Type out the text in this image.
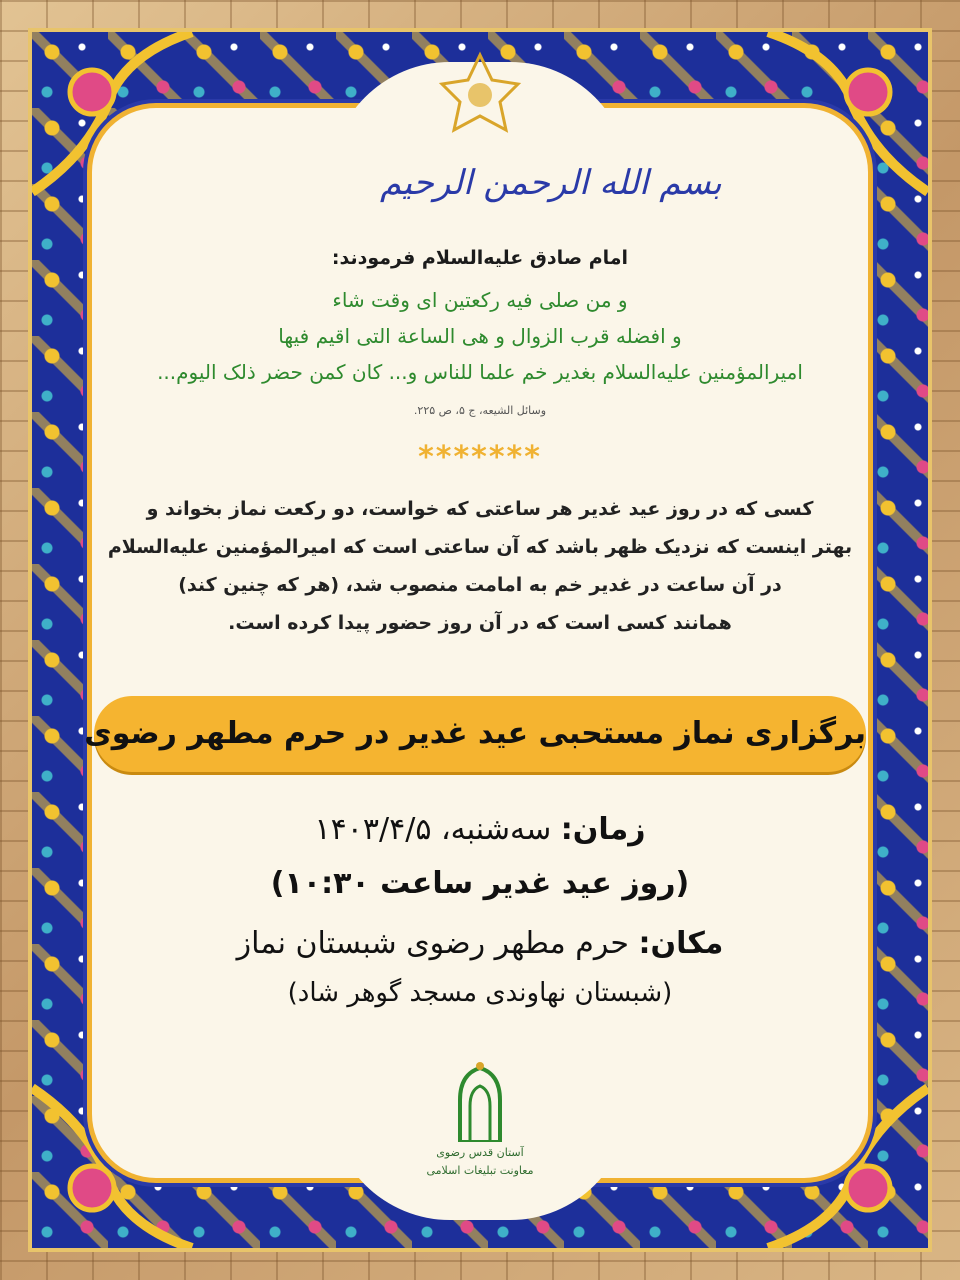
بسم الله الرحمن الرحیم
امام صادق علیه‌السلام فرمودند:
و من صلی فیه رکعتین ای وقت شاء
و افضله قرب الزوال و هی الساعة التی اقیم فیها
امیرالمؤمنین علیه‌السلام بغدیر خم علما للناس و... کان کمن حضر ذلک الیوم...
وسائل الشیعه، ج ۵، ص ۲۲۵.
*******
کسی که در روز عید غدیر هر ساعتی که خواست، دو رکعت نماز بخواند و
بهتر اینست که نزدیک ظهر باشد که آن ساعتی است که امیرالمؤمنین علیه‌السلام
در آن ساعت در غدیر خم به امامت منصوب شد، (هر که چنین کند)
همانند کسی است که در آن روز حضور پیدا کرده است.
برگزاری نماز مستحبی عید غدیر در حرم مطهر رضوی
زمان: سه‌شنبه، ۱۴۰۳/۴/۵
(روز عید غدیر ساعت ۱۰:۳۰)
مکان: حرم مطهر رضوی شبستان نماز
(شبستان نهاوندی مسجد گوهر شاد)
آستان قدس رضوی
معاونت تبلیغات اسلامی
